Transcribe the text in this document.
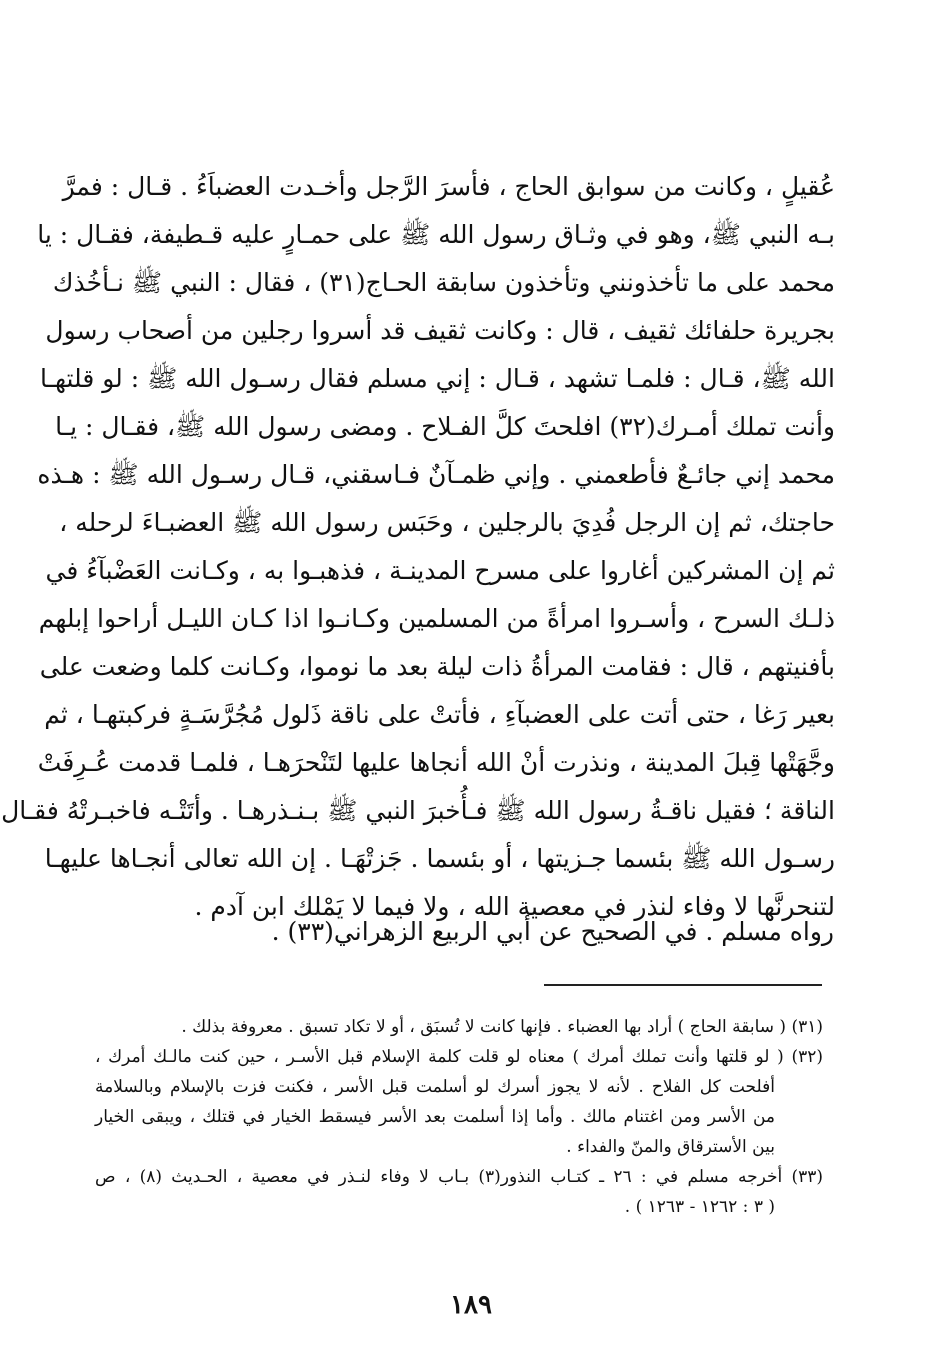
عُقيلٍ ، وكانت من سوابق الحاج ، فأسرَ الرَّجل وأخـدت العضباَءُ . قـال : فمرَّ
بـه النبي ﷺ، وهو في وثـاق رسول الله ﷺ على حمـارٍ عليه قـطيفة، فقـال : يا
محمد على ما تأخذونني وتأخذون سابقة الحـاج(٣١) ، فقال : النبي ﷺ نـأخُذك
بجريرة حلفائك ثقيف ، قال : وكانت ثقيف قد أسروا رجلين من أصحاب رسول
الله ﷺ، قـال : فلمـا تشهد ، قـال : إني مسلم فقال رسـول الله ﷺ : لو قلتهـا
وأنت تملك أمـرك(٣٢) افلحتَ كلَّ الفـلاح . ومضى رسول الله ﷺ، فقـال : يـا
محمد إني جائـعٌ فأطعمني . وإني ظمـآنٌ فـاسقني، قـال رسـول الله ﷺ : هـذه
حاجتك، ثم إن الرجل فُدِيَ بالرجلين ، وحَبَس رسول الله ﷺ العضبـاءَ لرحله ،
ثم إن المشركين أغاروا على مسرح المدينـة ، فذهبـوا به ، وكـانت العَضْبآءُ في
ذلـك السرح ، وأسـروا امرأةً من المسلمين وكـانـوا اذا كـان الليـل أراحوا إبلهم
بأفنيتهم ، قال : فقامت المرأةُ ذات ليلة بعد ما نوموا، وكـانت كلما وضعت على
بعير رَغا ، حتى أتت على العضبآءِ ، فأتتْ على ناقة ذَلول مُجُرَّسَـةٍ فركبتهـا ، ثم
وجَّهَتْها قِبلَ المدينة ، ونذرت أنْ الله أنجاها عليها لتَنْحرَهـا ، فلمـا قدمت عُـرِفَتْ
الناقة ؛ فقيل ناقـةُ رسول الله ﷺ فـأُخبرَ النبي ﷺ بـنـذرهـا . وأتَتْـه فاخبـرتْهُ فقـال
رسـول الله ﷺ بئسما جـزيتها ، أو بئسما . جَزتْهَـا . إن الله تعالى أنجـاها عليهـا
لتنحرنَّها لا وفاء لنذر في معصية الله ، ولا فيما لا يَمْلك ابن آدم .
رواه مسلم . في الصحيح عن أبي الربيع الزهراني(٣٣) .
(٣١) ( سابقة الحاج ) أراد بها العضباء . فإنها كانت لا تُسبَق ، أو لا تكاد تسبق . معروفة بذلك .
(٣٢) ( لو قلتها وأنت تملك أمرك ) معناه لو قلت كلمة الإسلام قبل الأسـر ، حين كنت مالـك أمرك ،
أفلحت كل الفلاح . لأنه لا يجوز أسرك لو أسلمت قبل الأسر ، فكنت فزت بالإسلام وبالسلامة
من الأسر ومن اغتنام مالك . وأما إذا أسلمت بعد الأسر فيسقط الخيار في قتلك ، ويبقى الخيار
بين الأسترقاق والمنّ والفداء .
(٣٣) أخرجه مسلم في : ٢٦ ـ كتـاب النذور(٣) بـاب لا وفاء لنـذر في معصية ، الحـديث (٨) ، ص
( ٣ : ١٢٦٢ - ١٢٦٣ ) .
١٨٩
